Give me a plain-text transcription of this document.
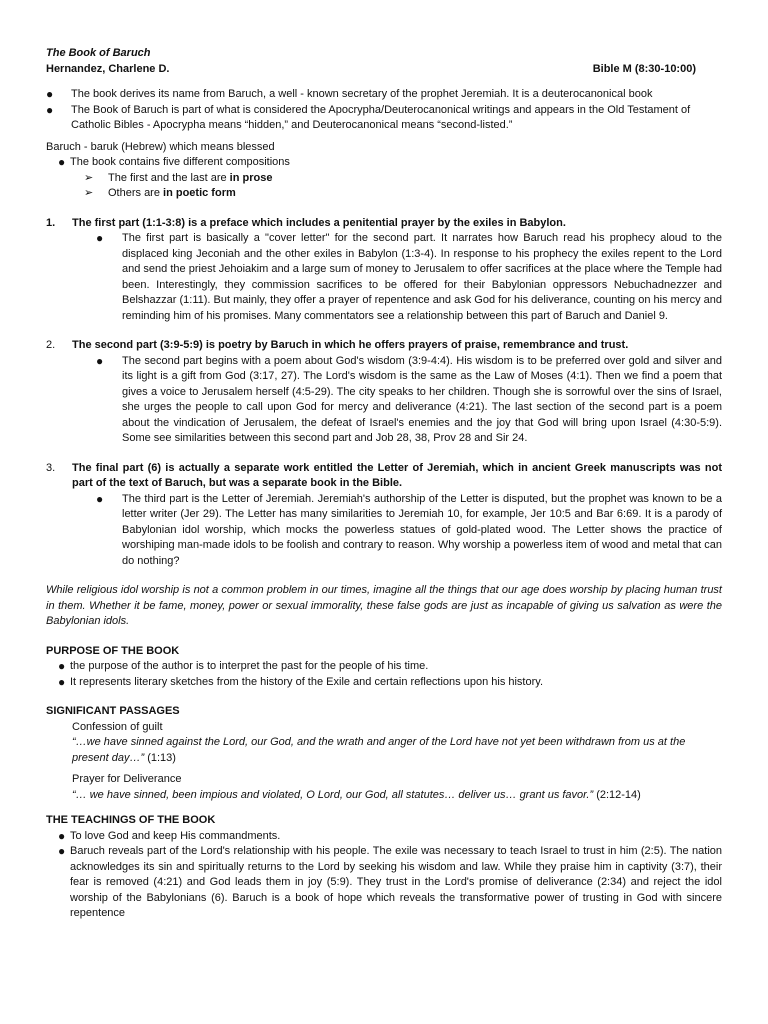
The Book of Baruch
Hernandez, Charlene D.	Bible M (8:30-10:00)
●	The book derives its name from Baruch, a well - known secretary of the prophet Jeremiah. It is a deuterocanonical book
●	The Book of Baruch is part of what is considered the Apocrypha/Deuterocanonical writings and appears in the Old Testament of Catholic Bibles - Apocrypha means “hidden,” and Deuterocanonical means “second-listed.”
Baruch - baruk (Hebrew) which means blessed
● The book contains five different compositions
➢	The first and the last are in prose
➢	Others are in poetic form
1.	The first part (1:1-3:8) is a preface which includes a penitential prayer by the exiles in Babylon.
●	The first part is basically a "cover letter" for the second part. It narrates how Baruch read his prophecy aloud to the displaced king Jeconiah and the other exiles in Babylon (1:3-4). In response to his prophecy the exiles repent to the Lord and send the priest Jehoiakim and a large sum of money to Jerusalem to offer sacrifices at the place where the Temple had been. Interestingly, they commission sacrifices to be offered for their Babylonian oppressors Nebuchadnezzer and Belshazzar (1:11). But mainly, they offer a prayer of repentence and ask God for his deliverance, counting on his mercy and reminding him of his promises. Many commentators see a relationship between this part of Baruch and Daniel 9.
2.	The second part (3:9-5:9) is poetry by Baruch in which he offers prayers of praise, remembrance and trust.
●	The second part begins with a poem about God's wisdom (3:9-4:4). His wisdom is to be preferred over gold and silver and its light is a gift from God (3:17, 27). The Lord's wisdom is the same as the Law of Moses (4:1). Then we find a poem that gives a voice to Jerusalem herself (4:5-29). The city speaks to her children. Though she is sorrowful over the sins of Israel, she urges the people to call upon God for mercy and deliverance (4:21). The last section of the second part is a poem about the vindication of Jerusalem, the defeat of Israel's enemies and the joy that God will bring upon Israel (4:30-5:9). Some see similarities between this second part and Job 28, 38, Prov 28 and Sir 24.
3.	The final part (6) is actually a separate work entitled the Letter of Jeremiah, which in ancient Greek manuscripts was not part of the text of Baruch, but was a separate book in the Bible.
●	The third part is the Letter of Jeremiah. Jeremiah's authorship of the Letter is disputed, but the prophet was known to be a letter writer (Jer 29). The Letter has many similarities to Jeremiah 10, for example, Jer 10:5 and Bar 6:69. It is a parody of Babylonian idol worship, which mocks the powerless statues of gold-plated wood. The Letter shows the practice of worshiping man-made idols to be foolish and contrary to reason. Why worship a powerless item of wood and metal that can do nothing?
While religious idol worship is not a common problem in our times, imagine all the things that our age does worship by placing human trust in them. Whether it be fame, money, power or sexual immorality, these false gods are just as incapable of giving us salvation as were the Babylonian idols.
PURPOSE OF THE BOOK
● the purpose of the author is to interpret the past for the people of his time.
● It represents literary sketches from the history of the Exile and certain reflections upon his history.
SIGNIFICANT PASSAGES
Confession of guilt
“…we have sinned against the Lord, our God, and the wrath and anger of the Lord have not yet been withdrawn from us at the present day…” (1:13)
Prayer for Deliverance
“… we have sinned, been impious and violated, O Lord, our God, all statutes… deliver us… grant us favor.” (2:12-14)
THE TEACHINGS OF THE BOOK
● To love God and keep His commandments.
● Baruch reveals part of the Lord's relationship with his people. The exile was necessary to teach Israel to trust in him (2:5). The nation acknowledges its sin and spiritually returns to the Lord by seeking his wisdom and law. While they praise him in captivity (3:7), their fear is removed (4:21) and God leads them in joy (5:9). They trust in the Lord's promise of deliverance (2:34) and reject the idol worship of the Babylonians (6). Baruch is a book of hope which reveals the transformative power of trusting in God with sincere repentence
